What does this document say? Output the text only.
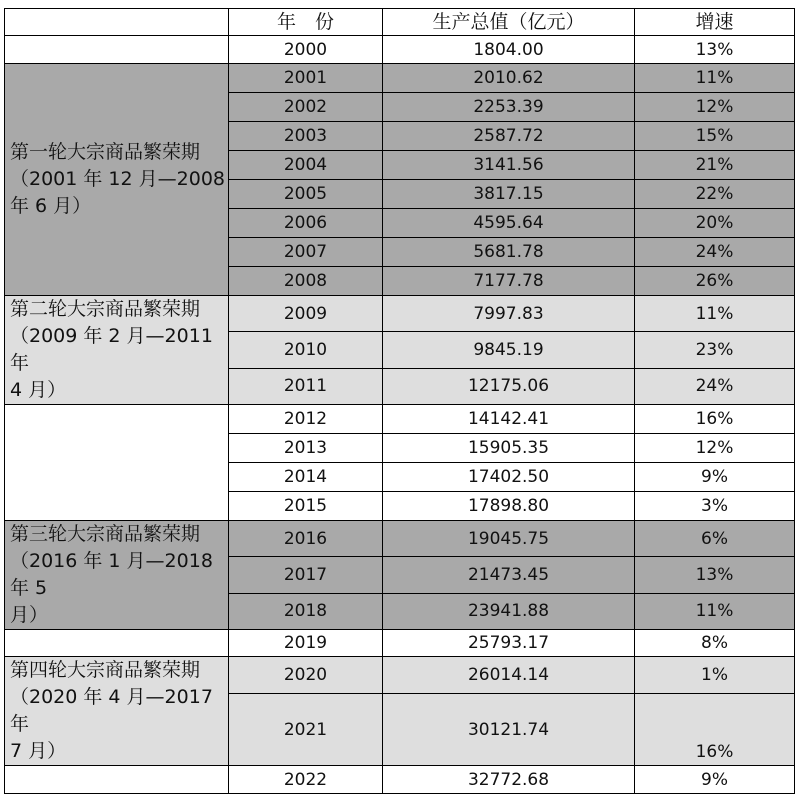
	年　份	生产总值（亿元）	增速
	2000	1804.00	13%

第一轮大宗商品繁荣期
（2001 年 12 月—2008
年 6 月）	2001	2010.62	11%
	2002	2253.39	12%
	2003	2587.72	15%
	2004	3141.56	21%
	2005	3817.15	22%
	2006	4595.64	20%
	2007	5681.78	24%
	2008	7177.78	26%

第二轮大宗商品繁荣期
（2009 年 2 月—2011 年
4 月）	2009	7997.83	11%
	2010	9845.19	23%
	2011	12175.06	24%
	2012	14142.41	16%
	2013	15905.35	12%
	2014	17402.50	9%
	2015	17898.80	3%

第三轮大宗商品繁荣期
（2016 年 1 月—2018 年 5
月）	2016	19045.75	6%
	2017	21473.45	13%
	2018	23941.88	11%
	2019	25793.17	8%

第四轮大宗商品繁荣期
（2020 年 4 月—2017 年
7 月）	2020	26014.14	1%
	2021	30121.74	16%
	2022	32772.68	9%
